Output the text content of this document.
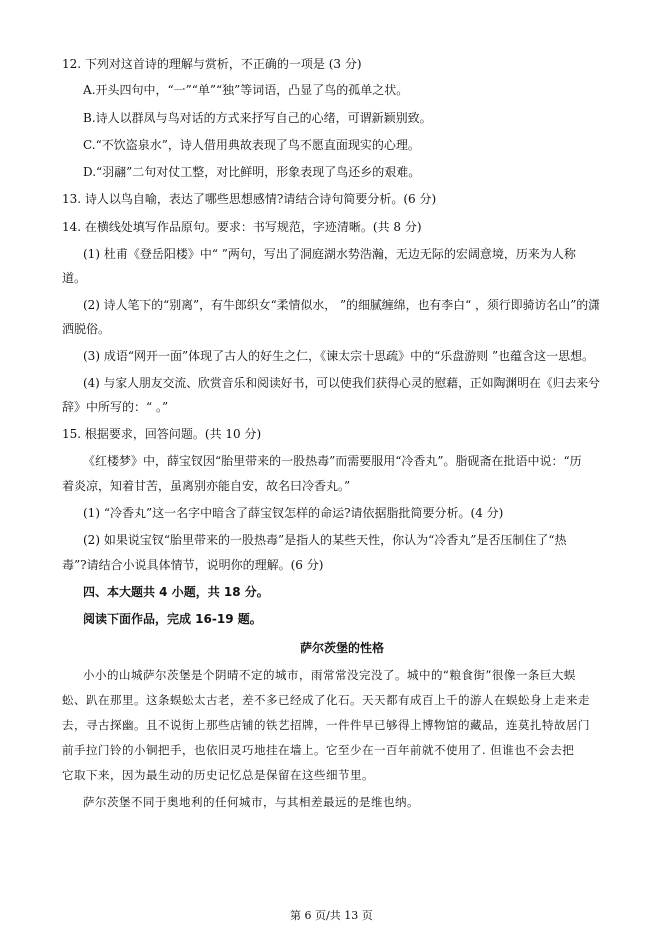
12. 下列对这首诗的理解与赏析，不正确的一项是 (3 分)
A.开头四句中，“一”“单”“独”等词语，凸显了鸟的孤单之状。
B.诗人以群凤与鸟对话的方式来抒写自己的心绪，可谓新颖别致。
C.“不饮盗泉水”，诗人借用典故表现了鸟不愿直面现实的心理。
D.“羽翮”二句对仗工整，对比鲜明，形象表现了鸟还乡的艰难。
13. 诗人以鸟自喻，表达了哪些思想感情?请结合诗句简要分析。(6 分)
14. 在横线处填写作品原句。要求：书写规范，字迹清晰。(共 8 分)
(1) 杜甫《登岳阳楼》中“ ”两句，写出了洞庭湖水势浩瀚，无边无际的宏阔意境，历来为人称
道。
(2) 诗人笔下的“别离”，有牛郎织女“柔情似水， ”的细腻缠绵，也有李白“ ，须行即骑访名山”的潇
洒脱俗。
(3) 成语“网开一面”体现了古人的好生之仁，《谏太宗十思疏》中的“乐盘游则 ”也蕴含这一思想。
(4) 与家人朋友交流、欣赏音乐和阅读好书，可以使我们获得心灵的慰藉，正如陶渊明在《归去来兮
辞》中所写的：“ 。”
15. 根据要求，回答问题。(共 10 分)
《红楼梦》中，薛宝钗因“胎里带来的一股热毒”而需要服用“冷香丸”。脂砚斋在批语中说：“历
着炎凉，知着甘苦，虽离别亦能自安，故名曰冷香丸。”
(1) “冷香丸”这一名字中暗含了薛宝钗怎样的命运?请依据脂批简要分析。(4 分)
(2) 如果说宝钗“胎里带来的一股热毒”是指人的某些天性，你认为“冷香丸”是否压制住了“热
毒”?请结合小说具体情节，说明你的理解。(6 分)
四、本大题共 4 小题，共 18 分。
阅读下面作品，完成 16-19 题。
萨尔茨堡的性格
小小的山城萨尔茨堡是个阴晴不定的城市，雨常常没完没了。城中的“粮食街”很像一条巨大蜈
蚣、趴在那里。这条蜈蚣太古老，差不多已经成了化石。天天都有成百上千的游人在蜈蚣身上走来走
去，寻古探幽。且不说街上那些店铺的铁艺招牌，一件件早已够得上博物馆的藏品，连莫扎特故居门
前手拉门铃的小铜把手，也依旧灵巧地挂在墙上。它至少在一百年前就不使用了. 但谁也不会去把
它取下来，因为最生动的历史记忆总是保留在这些细节里。
萨尔茨堡不同于奥地利的任何城市，与其相差最远的是维也纳。
第 6 页/共 13 页
